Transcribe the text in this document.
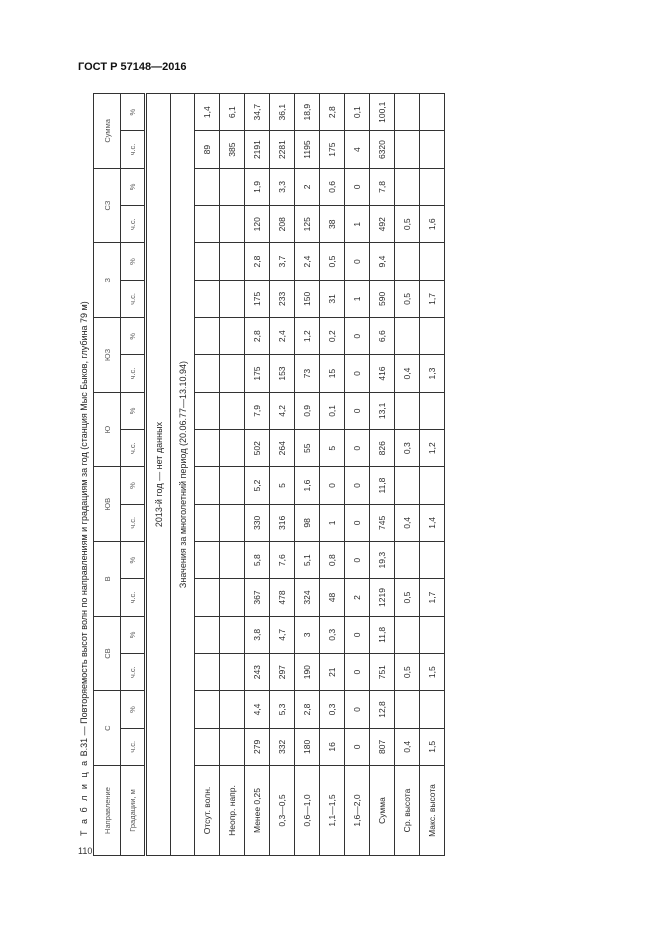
ГОСТ Р 57148—2016
Т а б л и ц а В.31 — Повторяемость высот волн по направлениям и градациям за год (станция Мыс Быков, глубина 79 м)
Направление	С		СВ		В		ЮВ		Ю		ЮЗ		З		СЗ		Сумма	
Градации, м	ч.с.	%	ч.с.	%	ч.с.	%	ч.с.	%	ч.с.	%	ч.с.	%	ч.с.	%	ч.с.	%	ч.с.	%
2013-й год — нет данных																		
Значения за многолетний период (20.06.77—13.10.94)																		
Отсут. волн.																	89	1,4
Неопр. напр.																	385	6,1
Менее 0,25	279	4,4	243	3,8	367	5,8	330	5,2	502	7,9	175	2,8	175	2,8	120	1,9	2191	34,7
0,3—0,5	332	5,3	297	4,7	478	7,6	316	5	264	4,2	153	2,4	233	3,7	208	3,3	2281	36,1
0,6—1,0	180	2,8	190	3	324	5,1	98	1,6	55	0,9	73	1,2	150	2,4	125	2	1195	18,9
1,1—1,5	16	0,3	21	0,3	48	0,8	1	0	5	0,1	15	0,2	31	0,5	38	0,6	175	2,8
1,6—2,0	0	0	0	0	2	0	0	0	0	0	0	0	1	0	1	0	4	0,1
Сумма	807	12,8	751	11,8	1219	19,3	745	11,8	826	13,1	416	6,6	590	9,4	492	7,8	6320	100,1
Ср. высота	0,4		0,5		0,5		0,4		0,3		0,4		0,5		0,5			
Макс. высота	1,5		1,5		1,7		1,4		1,2		1,3		1,7		1,6			
110
